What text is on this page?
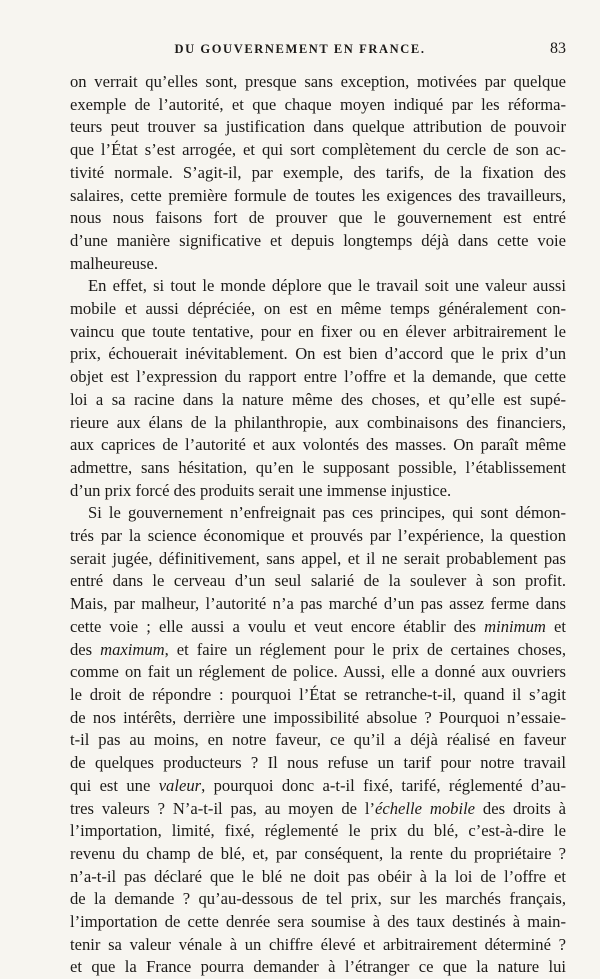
DU GOUVERNEMENT EN FRANCE.	83
on verrait qu’elles sont, presque sans exception, motivées par quelque
exemple de l’autorité, et que chaque moyen indiqué par les réforma-
teurs peut trouver sa justification dans quelque attribution de pouvoir
que l’État s’est arrogée, et qui sort complètement du cercle de son ac-
tivité normale. S’agit-il, par exemple, des tarifs, de la fixation des
salaires, cette première formule de toutes les exigences des travailleurs,
nous nous faisons fort de prouver que le gouvernement est entré
d’une manière significative et depuis longtemps déjà dans cette voie
malheureuse.
En effet, si tout le monde déplore que le travail soit une valeur aussi
mobile et aussi dépréciée, on est en même temps généralement con-
vaincu que toute tentative, pour en fixer ou en élever arbitrairement le
prix, échouerait inévitablement. On est bien d’accord que le prix d’un
objet est l’expression du rapport entre l’offre et la demande, que cette
loi a sa racine dans la nature même des choses, et qu’elle est supé-
rieure aux élans de la philanthropie, aux combinaisons des financiers,
aux caprices de l’autorité et aux volontés des masses. On paraît même
admettre, sans hésitation, qu’en le supposant possible, l’établissement
d’un prix forcé des produits serait une immense injustice.
Si le gouvernement n’enfreignait pas ces principes, qui sont démon-
trés par la science économique et prouvés par l’expérience, la question
serait jugée, définitivement, sans appel, et il ne serait probablement pas
entré dans le cerveau d’un seul salarié de la soulever à son profit.
Mais, par malheur, l’autorité n’a pas marché d’un pas assez ferme dans
cette voie ; elle aussi a voulu et veut encore établir des minimum et
des maximum, et faire un réglement pour le prix de certaines choses,
comme on fait un réglement de police. Aussi, elle a donné aux ouvriers
le droit de répondre : pourquoi l’État se retranche-t-il, quand il s’agit
de nos intérêts, derrière une impossibilité absolue ? Pourquoi n’essaie-
t-il pas au moins, en notre faveur, ce qu’il a déjà réalisé en faveur
de quelques producteurs ? Il nous refuse un tarif pour notre travail
qui est une valeur, pourquoi donc a-t-il fixé, tarifé, réglementé d’au-
tres valeurs ? N’a-t-il pas, au moyen de l’échelle mobile des droits à
l’importation, limité, fixé, réglementé le prix du blé, c’est-à-dire le
revenu du champ de blé, et, par conséquent, la rente du propriétaire ?
n’a-t-il pas déclaré que le blé ne doit pas obéir à la loi de l’offre et
de la demande ? qu’au-dessous de tel prix, sur les marchés français,
l’importation de cette denrée sera soumise à des taux destinés à main-
tenir sa valeur vénale à un chiffre élevé et arbitrairement déterminé ?
et que la France pourra demander à l’étranger ce que la nature lui
